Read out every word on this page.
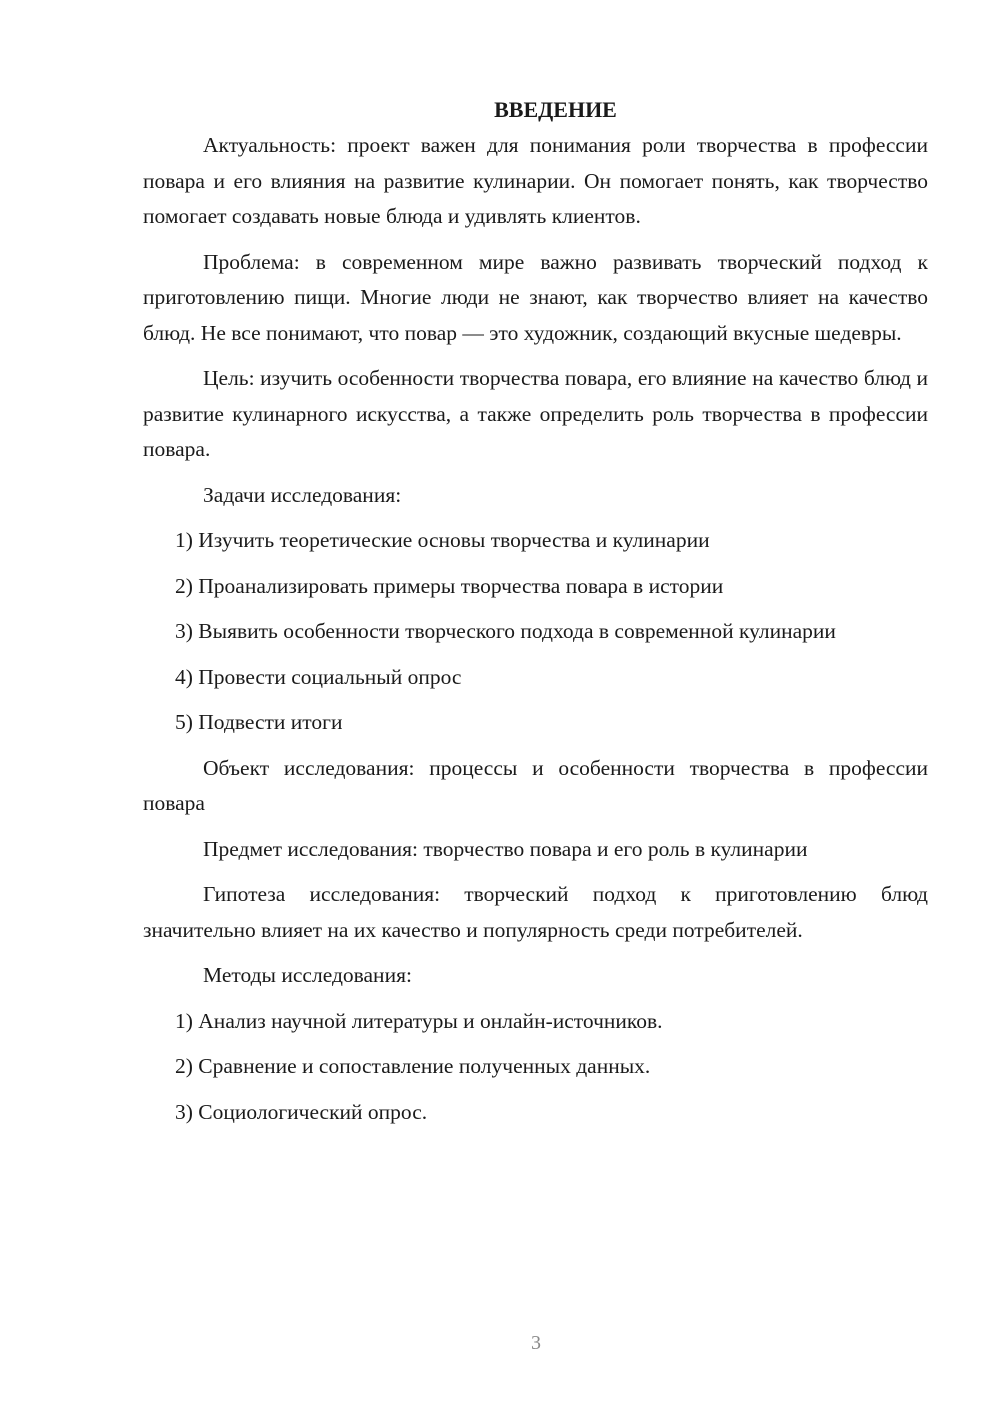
ВВЕДЕНИЕ

Актуальность: проект важен для понимания роли творчества в профессии повара и его влияния на развитие кулинарии. Он помогает понять, как творчество помогает создавать новые блюда и удивлять клиентов.

Проблема: в современном мире важно развивать творческий подход к приготовлению пищи. Многие люди не знают, как творчество влияет на качество блюд. Не все понимают, что повар — это художник, создающий вкусные шедевры.

Цель: изучить особенности творчества повара, его влияние на качество блюд и развитие кулинарного искусства, а также определить роль творчества в профессии повара.

Задачи исследования:

1) Изучить теоретические основы творчества и кулинарии

2) Проанализировать примеры творчества повара в истории

3) Выявить особенности творческого подхода в современной кулинарии

4) Провести социальный опрос

5) Подвести итоги

Объект исследования: процессы и особенности творчества в профессии повара

Предмет исследования: творчество повара и его роль в кулинарии

Гипотеза исследования: творческий подход к приготовлению блюд значительно влияет на их качество и популярность среди потребителей.

Методы исследования:

1) Анализ научной литературы и онлайн-источников.

2) Сравнение и сопоставление полученных данных.

3) Социологический опрос.

3
